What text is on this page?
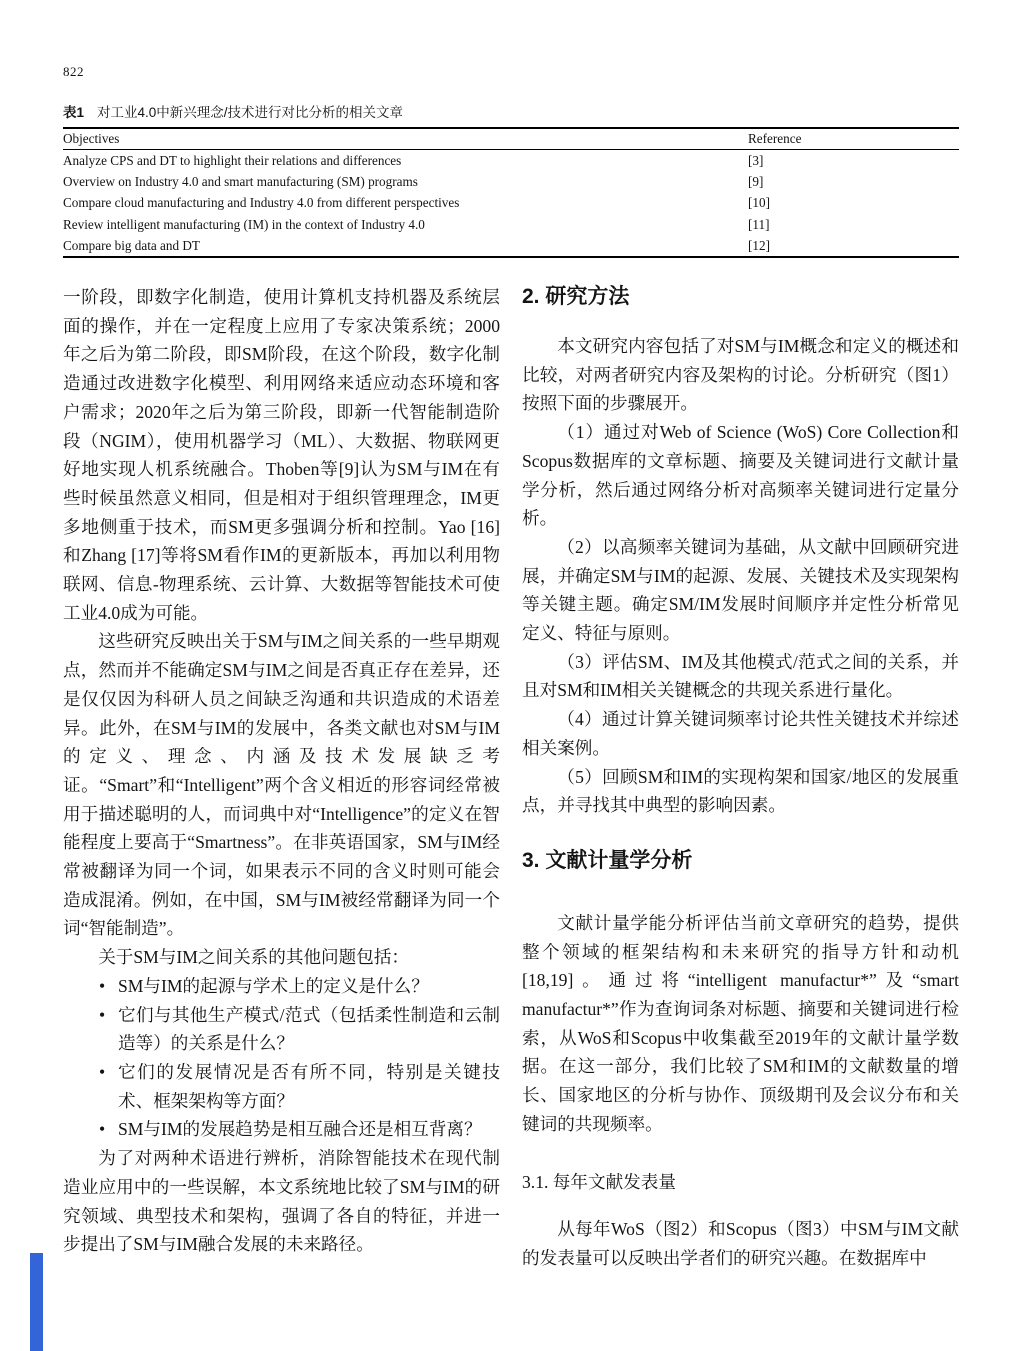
822
表1 对工业4.0中新兴理念/技术进行对比分析的相关文章
Objectives	Reference
Analyze CPS and DT to highlight their relations and differences	[3]
Overview on Industry 4.0 and smart manufacturing (SM) programs	[9]
Compare cloud manufacturing and Industry 4.0 from different perspectives	[10]
Review intelligent manufacturing (IM) in the context of Industry 4.0	[11]
Compare big data and DT	[12]

一阶段，即数字化制造，使用计算机支持机器及系统层面的操作，并在一定程度上应用了专家决策系统；2000年之后为第二阶段，即SM阶段，在这个阶段，数字化制造通过改进数字化模型、利用网络来适应动态环境和客户需求；2020年之后为第三阶段，即新一代智能制造阶段（NGIM），使用机器学习（ML）、大数据、物联网更好地实现人机系统融合。Thoben等[9]认为SM与IM在有些时候虽然意义相同，但是相对于组织管理理念，IM更多地侧重于技术，而SM更多强调分析和控制。Yao [16]和Zhang [17]等将SM看作IM的更新版本，再加以利用物联网、信息-物理系统、云计算、大数据等智能技术可使工业4.0成为可能。

这些研究反映出关于SM与IM之间关系的一些早期观点，然而并不能确定SM与IM之间是否真正存在差异，还是仅仅因为科研人员之间缺乏沟通和共识造成的术语差异。此外，在SM与IM的发展中，各类文献也对SM与IM的定义、理念、内涵及技术发展缺乏考证。“Smart”和“Intelligent”两个含义相近的形容词经常被用于描述聪明的人，而词典中对“Intelligence”的定义在智能程度上要高于“Smartness”。在非英语国家，SM与IM经常被翻译为同一个词，如果表示不同的含义时则可能会造成混淆。例如，在中国，SM与IM被经常翻译为同一个词“智能制造”。

关于SM与IM之间关系的其他问题包括：

• SM与IM的起源与学术上的定义是什么？
• 它们与其他生产模式/范式（包括柔性制造和云制造等）的关系是什么？
• 它们的发展情况是否有所不同，特别是关键技术、框架架构等方面？
• SM与IM的发展趋势是相互融合还是相互背离？

为了对两种术语进行辨析，消除智能技术在现代制造业应用中的一些误解，本文系统地比较了SM与IM的研究领域、典型技术和架构，强调了各自的特征，并进一步提出了SM与IM融合发展的未来路径。

2. 研究方法

本文研究内容包括了对SM与IM概念和定义的概述和比较，对两者研究内容及架构的讨论。分析研究（图1）按照下面的步骤展开。

（1）通过对Web of Science (WoS) Core Collection和Scopus数据库的文章标题、摘要及关键词进行文献计量学分析，然后通过网络分析对高频率关键词进行定量分析。

（2）以高频率关键词为基础，从文献中回顾研究进展，并确定SM与IM的起源、发展、关键技术及实现架构等关键主题。确定SM/IM发展时间顺序并定性分析常见定义、特征与原则。

（3）评估SM、IM及其他模式/范式之间的关系，并且对SM和IM相关关键概念的共现关系进行量化。

（4）通过计算关键词频率讨论共性关键技术并综述相关案例。

（5）回顾SM和IM的实现构架和国家/地区的发展重点，并寻找其中典型的影响因素。

3. 文献计量学分析

文献计量学能分析评估当前文章研究的趋势，提供整个领域的框架结构和未来研究的指导方针和动机[18,19]。通过将“intelligent manufactur*”及“smart manufactur*”作为查询词条对标题、摘要和关键词进行检索，从WoS和Scopus中收集截至2019年的文献计量学数据。在这一部分，我们比较了SM和IM的文献数量的增长、国家地区的分析与协作、顶级期刊及会议分布和关键词的共现频率。

3.1. 每年文献发表量

从每年WoS（图2）和Scopus（图3）中SM与IM文献的发表量可以反映出学者们的研究兴趣。在数据库中
